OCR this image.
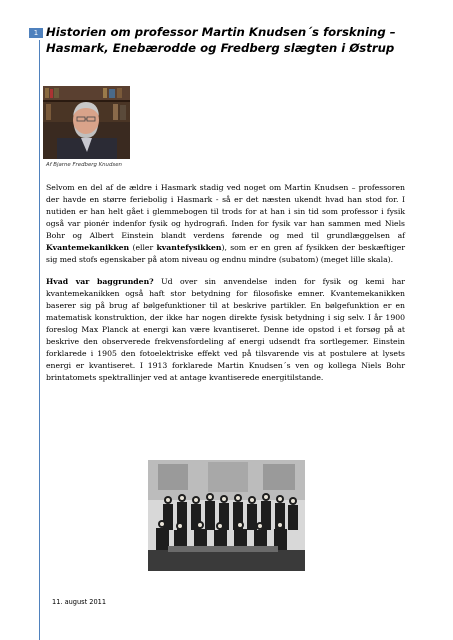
1 Historien om professor Martin Knudsen´s forskning – Hasmark, Enebærodde og Fredberg slægten i Østrup
Af Bjarne Fredberg Knudsen

Selvom en del af de ældre i Hasmark stadig ved noget om Martin Knudsen – professoren der havde en større feriebolig i Hasmark - så er det næsten ukendt hvad han stod for. I nutiden er han helt gået i glemmebogen til trods for at han i sin tid som professor i fysik også var pionér indenfor fysik og hydrografi. Inden for fysik var han sammen med Niels Bohr og Albert Einstein blandt verdens førende og med til grundlæggelsen af Kvantemekanikken (eller kvantefysikken), som er en gren af fysikken der beskæftiger sig med stofs egenskaber på atom niveau og endnu mindre (subatom) (meget lille skala).

Hvad var baggrunden? Ud over sin anvendelse inden for fysik og kemi har kvantemekanikken også haft stor betydning for filosofiske emner. Kvantemekanikken baserer sig på brug af bølgefunktioner til at beskrive partikler. En bølgefunktion er en matematisk konstruktion, der ikke har nogen direkte fysisk betydning i sig selv. I år 1900 foreslog Max Planck at energi kan være kvantiseret. Denne ide opstod i et forsøg på at beskrive den observerede frekvensfordeling af energi udsendt fra sortlegemer. Einstein forklarede i 1905 den fotoelektriske effekt ved på tilsvarende vis at postulere at lysets energi er kvantiseret. I 1913 forklarede Martin Knudsen´s ven og kollega Niels Bohr brintatomets spektrallinjer ved at antage kvantiserede energitilstande.

11. august 2011
